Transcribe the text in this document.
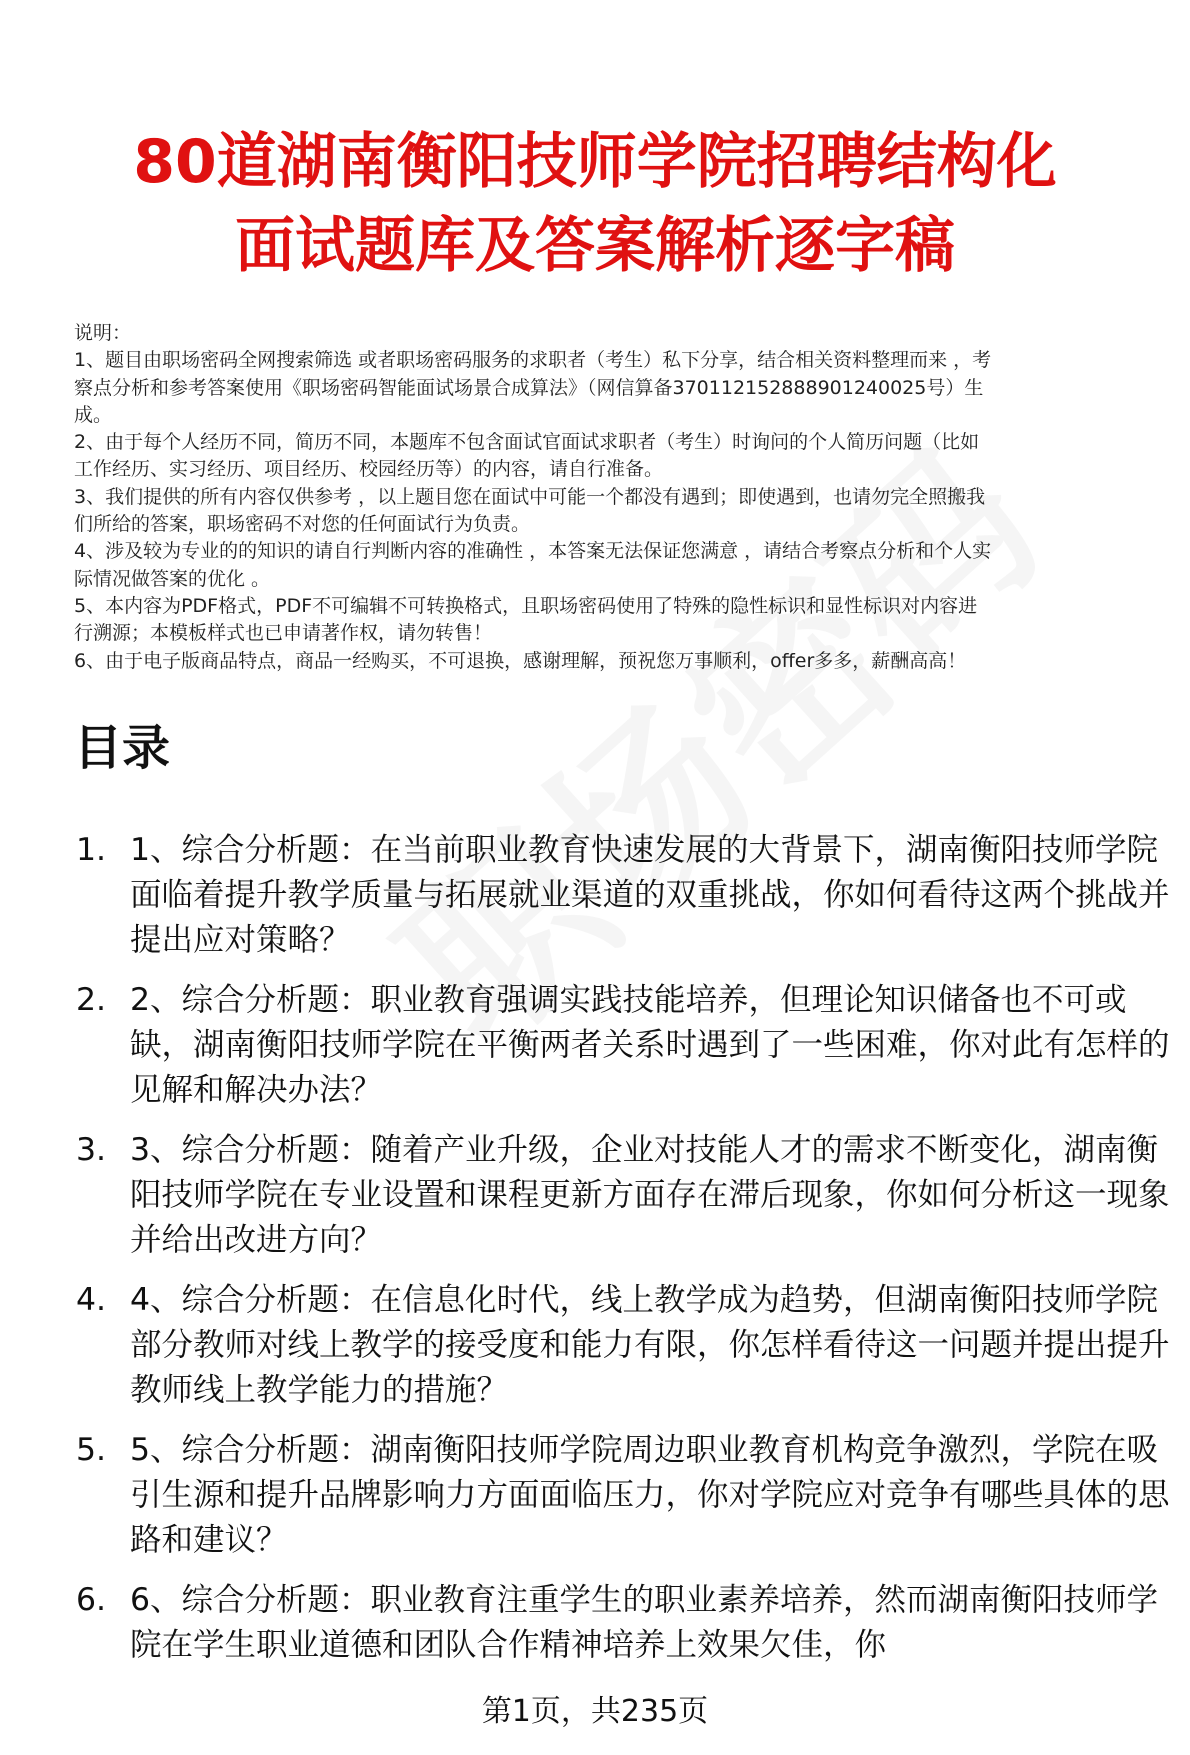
80道湖南衡阳技师学院招聘结构化
面试题库及答案解析逐字稿

说明：

1、题目由职场密码全网搜索筛选 或者职场密码服务的求职者（考生）私下分享，结合相关资料整理而来 ，考

察点分析和参考答案使用《职场密码智能面试场景合成算法》（网信算备370112152888901240025号）生

成。

2、由于每个人经历不同，简历不同，本题库不包含面试官面试求职者（考生）时询问的个人简历问题（比如

工作经历、实习经历、项目经历、校园经历等）的内容，请自行准备。

3、我们提供的所有内容仅供参考 ，以上题目您在面试中可能一个都没有遇到；即使遇到，也请勿完全照搬我

们所给的答案，职场密码不对您的任何面试行为负责。

4、涉及较为专业的的知识的请自行判断内容的准确性 ，本答案无法保证您满意 ，请结合考察点分析和个人实

际情况做答案的优化 。

5、本内容为PDF格式，PDF不可编辑不可转换格式，且职场密码使用了特殊的隐性标识和显性标识对内容进

行溯源；本模板样式也已申请著作权，请勿转售！

6、由于电子版商品特点，商品一经购买，不可退换，感谢理解，预祝您万事顺利，offer多多，薪酬高高！

目录
1. 1、综合分析题：在当前职业教育快速发展的大背景下，湖南衡阳技师学院面临着提升教学质量与拓展就业渠道的双重挑战，你如何看待这两个挑战并提出应对策略？
2. 2、综合分析题：职业教育强调实践技能培养，但理论知识储备也不可或缺，湖南衡阳技师学院在平衡两者关系时遇到了一些困难，你对此有怎样的见解和解决办法？
3. 3、综合分析题：随着产业升级，企业对技能人才的需求不断变化，湖南衡阳技师学院在专业设置和课程更新方面存在滞后现象，你如何分析这一现象并给出改进方向？
4. 4、综合分析题：在信息化时代，线上教学成为趋势，但湖南衡阳技师学院部分教师对线上教学的接受度和能力有限，你怎样看待这一问题并提出提升教师线上教学能力的措施？
5. 5、综合分析题：湖南衡阳技师学院周边职业教育机构竞争激烈，学院在吸引生源和提升品牌影响力方面面临压力，你对学院应对竞争有哪些具体的思路和建议？
6. 6、综合分析题：职业教育注重学生的职业素养培养，然而湖南衡阳技师学院在学生职业道德和团队合作精神培养上效果欠佳，你
第1页，共235页
